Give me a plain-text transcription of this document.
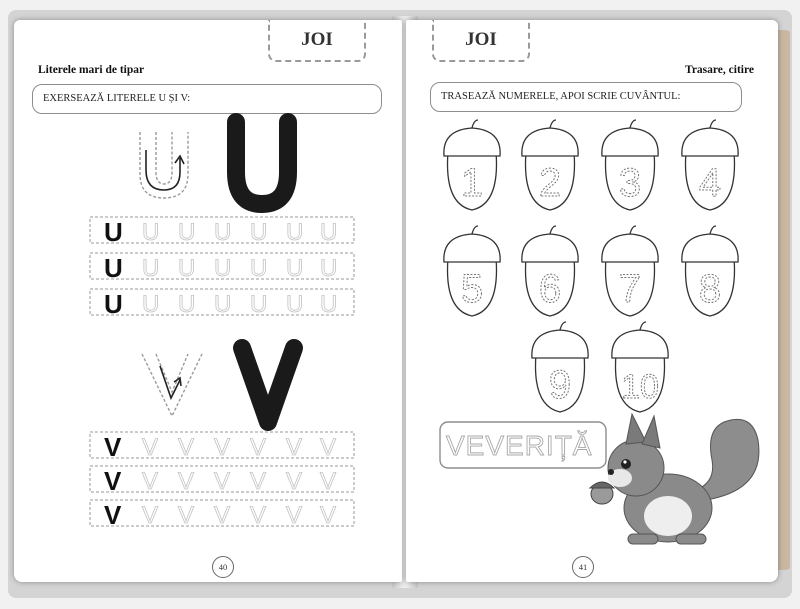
JOI
Literele mari de tipar
EXERSEAZĂ LITERELE U ȘI V:
U
U
U
U U U U U U
U U U U U U
U U U U U U
V
V
V
V V V V V V
V V V V V V
V V V V V V
40
JOI
Trasare, citire
TRASEAZĂ NUMERELE, APOI SCRIE CUVÂNTUL:
1 2 3 4
5 6 7 8
9 10
VEVERIȚĂ
41
